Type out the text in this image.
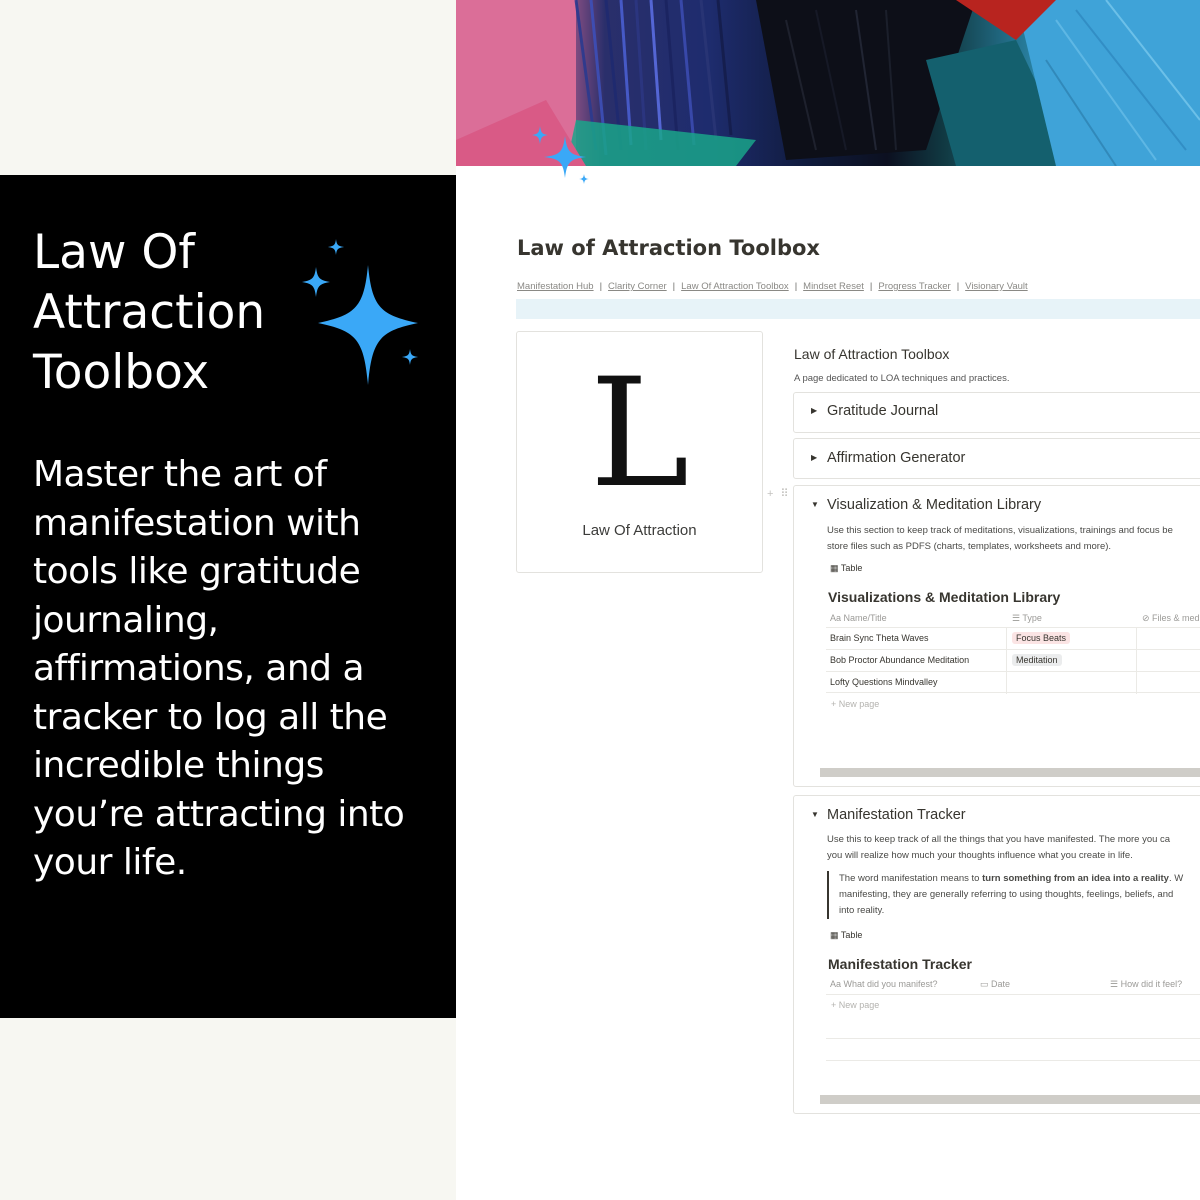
Law of Attraction Toolbox
Manifestation Hub | Clarity Corner | Law Of Attraction Toolbox | Mindset Reset | Progress Tracker | Visionary Vault
L
Law Of Attraction
+ ⠿
Law of Attraction Toolbox
A page dedicated to LOA techniques and practices.
▶ Gratitude Journal
▶ Affirmation Generator
▼ Visualization & Meditation Library
Use this section to keep track of meditations, visualizations, trainings and focus be
store files such as PDFS (charts, templates, worksheets and more).
▦ Table
Visualizations & Meditation Library
Aa Name/Title	☰ Type	⊘ Files & med
Brain Sync Theta Waves	Focus Beats
Bob Proctor Abundance Meditation	Meditation
Lofty Questions Mindvalley
+ New page
▼ Manifestation Tracker
Use this to keep track of all the things that you have manifested. The more you ca
you will realize how much your thoughts influence what you create in life.
The word manifestation means to turn something from an idea into a reality. W
manifesting, they are generally referring to using thoughts, feelings, beliefs, and
into reality.
▦ Table
Manifestation Tracker
Aa What did you manifest?	▭ Date	☰ How did it feel?
+ New page
Law Of Attraction Toolbox
Master the art of manifestation with tools like gratitude journaling, affirmations, and a tracker to log all the incredible things you’re attracting into your life.
